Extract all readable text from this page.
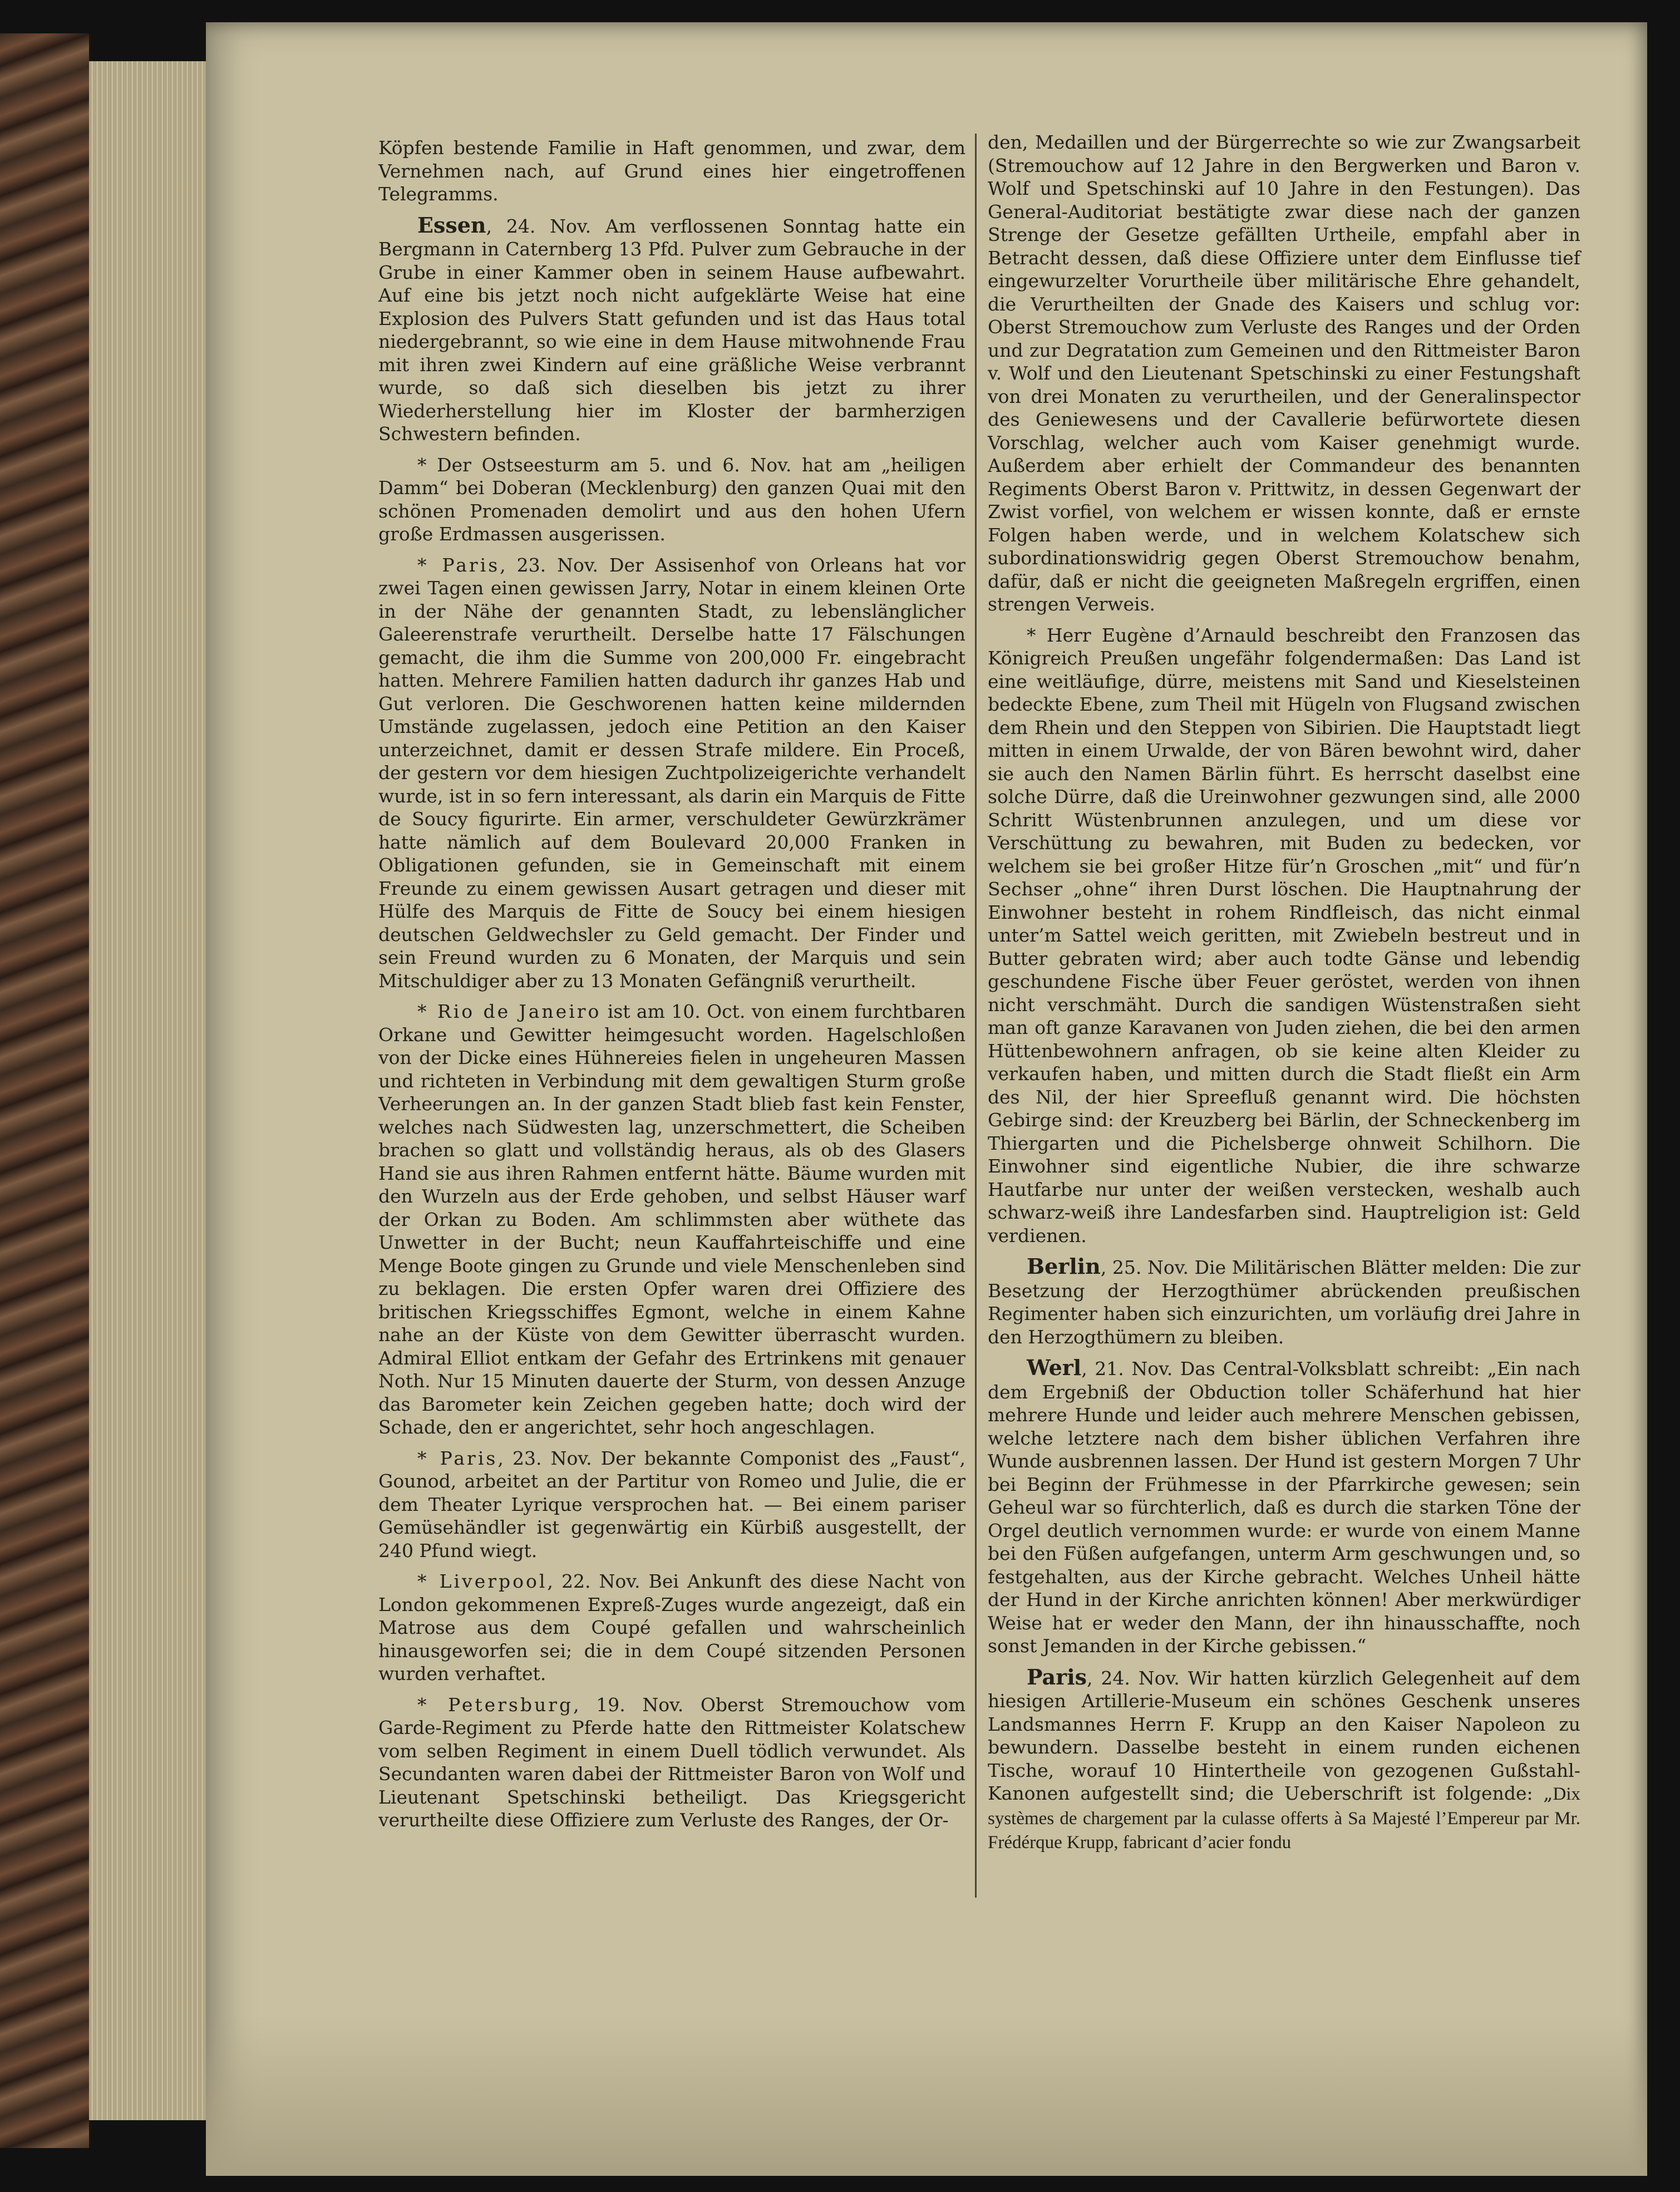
Köpfen bestende Familie in Haft genommen, und zwar, dem Vernehmen nach, auf Grund eines hier eingetroffenen Telegramms.

Essen, 24. Nov. Am verflossenen Sonntag hatte ein Bergmann in Caternberg 13 Pfd. Pulver zum Gebrauche in der Grube in einer Kammer oben in seinem Hause aufbewahrt. Auf eine bis jetzt noch nicht aufgeklärte Weise hat eine Explosion des Pulvers Statt gefunden und ist das Haus total niedergebrannt, so wie eine in dem Hause mitwohnende Frau mit ihren zwei Kindern auf eine gräßliche Weise verbrannt wurde, so daß sich dieselben bis jetzt zu ihrer Wiederherstellung hier im Kloster der barmherzigen Schwestern befinden.

* Der Ostseesturm am 5. und 6. Nov. hat am „heiligen Damm“ bei Doberan (Mecklenburg) den ganzen Quai mit den schönen Promenaden demolirt und aus den hohen Ufern große Erdmassen ausgerissen.

* Paris, 23. Nov. Der Assisenhof von Orleans hat vor zwei Tagen einen gewissen Jarry, Notar in einem kleinen Orte in der Nähe der genannten Stadt, zu lebenslänglicher Galeerenstrafe verurtheilt. Derselbe hatte 17 Fälschungen gemacht, die ihm die Summe von 200,000 Fr. eingebracht hatten. Mehrere Familien hatten dadurch ihr ganzes Hab und Gut verloren. Die Geschworenen hatten keine mildernden Umstände zugelassen, jedoch eine Petition an den Kaiser unterzeichnet, damit er dessen Strafe mildere. Ein Proceß, der gestern vor dem hiesigen Zuchtpolizeigerichte verhandelt wurde, ist in so fern interessant, als darin ein Marquis de Fitte de Soucy figurirte. Ein armer, verschuldeter Gewürzkrämer hatte nämlich auf dem Boulevard 20,000 Franken in Obligationen gefunden, sie in Gemeinschaft mit einem Freunde zu einem gewissen Ausart getragen und dieser mit Hülfe des Marquis de Fitte de Soucy bei einem hiesigen deutschen Geldwechsler zu Geld gemacht. Der Finder und sein Freund wurden zu 6 Monaten, der Marquis und sein Mitschuldiger aber zu 13 Monaten Gefängniß verurtheilt.

* Rio de Janeiro ist am 10. Oct. von einem furchtbaren Orkane und Gewitter heimgesucht worden. Hagelschloßen von der Dicke eines Hühnereies fielen in ungeheuren Massen und richteten in Verbindung mit dem gewaltigen Sturm große Verheerungen an. In der ganzen Stadt blieb fast kein Fenster, welches nach Südwesten lag, unzerschmettert, die Scheiben brachen so glatt und vollständig heraus, als ob des Glasers Hand sie aus ihren Rahmen entfernt hätte. Bäume wurden mit den Wurzeln aus der Erde gehoben, und selbst Häuser warf der Orkan zu Boden. Am schlimmsten aber wüthete das Unwetter in der Bucht; neun Kauffahrteischiffe und eine Menge Boote gingen zu Grunde und viele Menschenleben sind zu beklagen. Die ersten Opfer waren drei Offiziere des britischen Kriegsschiffes Egmont, welche in einem Kahne nahe an der Küste von dem Gewitter überrascht wurden. Admiral Elliot entkam der Gefahr des Ertrinkens mit genauer Noth. Nur 15 Minuten dauerte der Sturm, von dessen Anzuge das Barometer kein Zeichen gegeben hatte; doch wird der Schade, den er angerichtet, sehr hoch angeschlagen.

* Paris, 23. Nov. Der bekannte Componist des „Faust“, Gounod, arbeitet an der Partitur von Romeo und Julie, die er dem Theater Lyrique versprochen hat. — Bei einem pariser Gemüsehändler ist gegenwärtig ein Kürbiß ausgestellt, der 240 Pfund wiegt.

* Liverpool, 22. Nov. Bei Ankunft des diese Nacht von London gekommenen Expreß-Zuges wurde angezeigt, daß ein Matrose aus dem Coupé gefallen und wahrscheinlich hinausgeworfen sei; die in dem Coupé sitzenden Personen wurden verhaftet.

* Petersburg, 19. Nov. Oberst Stremouchow vom Garde-Regiment zu Pferde hatte den Rittmeister Kolatschew vom selben Regiment in einem Duell tödlich verwundet. Als Secundanten waren dabei der Rittmeister Baron von Wolf und Lieutenant Spetschinski betheiligt. Das Kriegsgericht verurtheilte diese Offiziere zum Verluste des Ranges, der Or-

den, Medaillen und der Bürgerrechte so wie zur Zwangsarbeit (Stremouchow auf 12 Jahre in den Bergwerken und Baron v. Wolf und Spetschinski auf 10 Jahre in den Festungen). Das General-Auditoriat bestätigte zwar diese nach der ganzen Strenge der Gesetze gefällten Urtheile, empfahl aber in Betracht dessen, daß diese Offiziere unter dem Einflusse tief eingewurzelter Vorurtheile über militärische Ehre gehandelt, die Verurtheilten der Gnade des Kaisers und schlug vor: Oberst Stremouchow zum Verluste des Ranges und der Orden und zur Degratation zum Gemeinen und den Rittmeister Baron v. Wolf und den Lieutenant Spetschinski zu einer Festungshaft von drei Monaten zu verurtheilen, und der Generalinspector des Geniewesens und der Cavallerie befürwortete diesen Vorschlag, welcher auch vom Kaiser genehmigt wurde. Außerdem aber erhielt der Commandeur des benannten Regiments Oberst Baron v. Prittwitz, in dessen Gegenwart der Zwist vorfiel, von welchem er wissen konnte, daß er ernste Folgen haben werde, und in welchem Kolatschew sich subordinationswidrig gegen Oberst Stremouchow benahm, dafür, daß er nicht die geeigneten Maßregeln ergriffen, einen strengen Verweis.

* Herr Eugène d’Arnauld beschreibt den Franzosen das Königreich Preußen ungefähr folgendermaßen: Das Land ist eine weitläufige, dürre, meistens mit Sand und Kieselsteinen bedeckte Ebene, zum Theil mit Hügeln von Flugsand zwischen dem Rhein und den Steppen von Sibirien. Die Hauptstadt liegt mitten in einem Urwalde, der von Bären bewohnt wird, daher sie auch den Namen Bärlin führt. Es herrscht daselbst eine solche Dürre, daß die Ureinwohner gezwungen sind, alle 2000 Schritt Wüstenbrunnen anzulegen, und um diese vor Verschüttung zu bewahren, mit Buden zu bedecken, vor welchem sie bei großer Hitze für’n Groschen „mit“ und für’n Sechser „ohne“ ihren Durst löschen. Die Hauptnahrung der Einwohner besteht in rohem Rindfleisch, das nicht einmal unter’m Sattel weich geritten, mit Zwiebeln bestreut und in Butter gebraten wird; aber auch todte Gänse und lebendig geschundene Fische über Feuer geröstet, werden von ihnen nicht verschmäht. Durch die sandigen Wüstenstraßen sieht man oft ganze Karavanen von Juden ziehen, die bei den armen Hüttenbewohnern anfragen, ob sie keine alten Kleider zu verkaufen haben, und mitten durch die Stadt fließt ein Arm des Nil, der hier Spreefluß genannt wird. Die höchsten Gebirge sind: der Kreuzberg bei Bärlin, der Schneckenberg im Thiergarten und die Pichelsberge ohnweit Schilhorn. Die Einwohner sind eigentliche Nubier, die ihre schwarze Hautfarbe nur unter der weißen verstecken, weshalb auch schwarz-weiß ihre Landesfarben sind. Hauptreligion ist: Geld verdienen.

Berlin, 25. Nov. Die Militärischen Blätter melden: Die zur Besetzung der Herzogthümer abrückenden preußischen Regimenter haben sich einzurichten, um vorläufig drei Jahre in den Herzogthümern zu bleiben.

Werl, 21. Nov. Das Central-Volksblatt schreibt: „Ein nach dem Ergebniß der Obduction toller Schäferhund hat hier mehrere Hunde und leider auch mehrere Menschen gebissen, welche letztere nach dem bisher üblichen Verfahren ihre Wunde ausbrennen lassen. Der Hund ist gestern Morgen 7 Uhr bei Beginn der Frühmesse in der Pfarrkirche gewesen; sein Geheul war so fürchterlich, daß es durch die starken Töne der Orgel deutlich vernommen wurde: er wurde von einem Manne bei den Füßen aufgefangen, unterm Arm geschwungen und, so festgehalten, aus der Kirche gebracht. Welches Unheil hätte der Hund in der Kirche anrichten können! Aber merkwürdiger Weise hat er weder den Mann, der ihn hinausschaffte, noch sonst Jemanden in der Kirche gebissen.“

Paris, 24. Nov. Wir hatten kürzlich Gelegenheit auf dem hiesigen Artillerie-Museum ein schönes Geschenk unseres Landsmannes Herrn F. Krupp an den Kaiser Napoleon zu bewundern. Dasselbe besteht in einem runden eichenen Tische, worauf 10 Hintertheile von gezogenen Gußstahl-Kanonen aufgestellt sind; die Ueberschrift ist folgende: „Dix systèmes de chargement par la culasse offerts à Sa Majesté l’Empereur par Mr. Frédérque Krupp, fabricant d’acier fondu
